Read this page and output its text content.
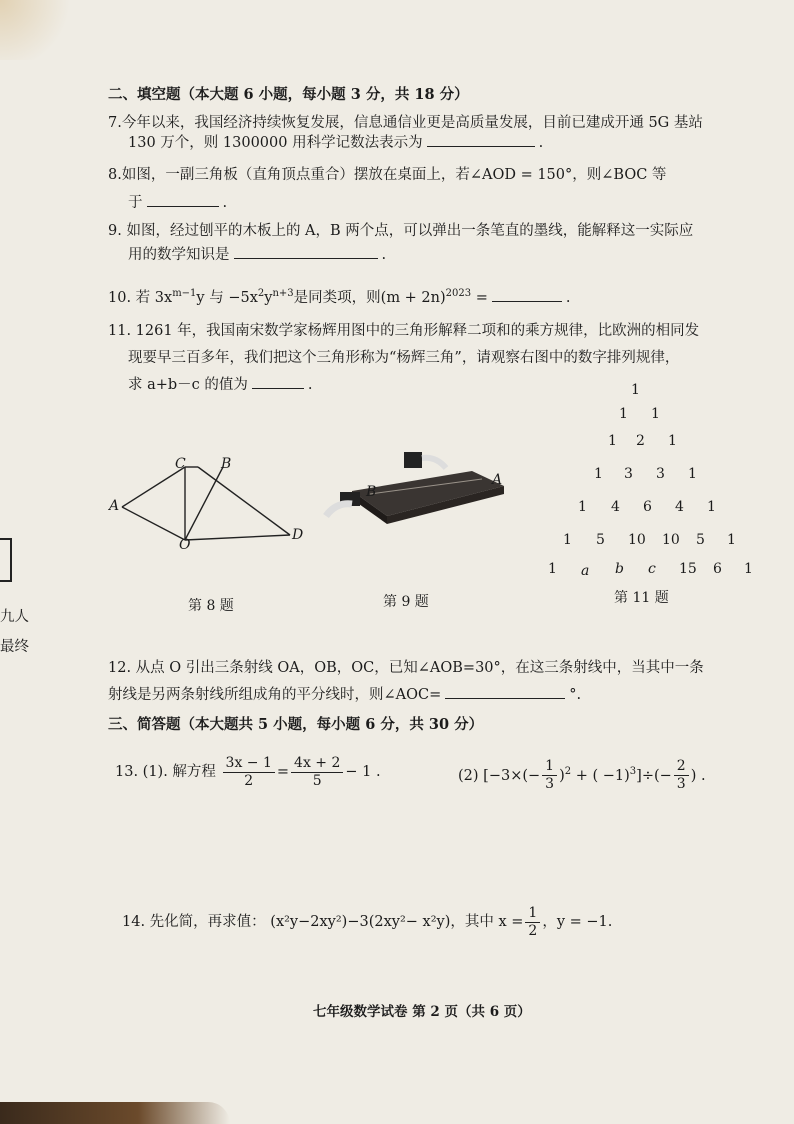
二、填空题（本大题 6 小题，每小题 3 分，共 18 分）
7.今年以来，我国经济持续恢复发展，信息通信业更是高质量发展，目前已建成开通 5G 基站
130 万个，则 1300000 用科学记数法表示为	.
8.如图，一副三角板（直角顶点重合）摆放在桌面上，若∠AOD = 150°，则∠BOC 等
于	.
9. 如图，经过刨平的木板上的 A，B 两个点，可以弹出一条笔直的墨线，能解释这一实际应
用的数学知识是	.
10. 若 $3x^{m-1}y$ 与 $-5x^2y^{n+3}$是同类项，则$(m + 2n)^{2023}$ =	.
11. 1261 年，我国南宋数学家杨辉用图中的三角形解释二项和的乘方规律，比欧洲的相同发
现要早三百多年，我们把这个三角形称为“杨辉三角”，请观察右图中的数字排列规律，
求 a+b－c 的值为	.	1
1 1
1 2 1
1 3 3 1
1 4 6 4 1
1 5 10 10 5 1
1 a b c 15 6 1
A
C	B
O
D
第 8 题
B
A
第 9 题	第 11 题
12. 从点 O 引出三条射线 OA，OB，OC，已知∠AOB=30°，在这三条射线中，当其中一条
射线是另两条射线所组成角的平分线时，则∠AOC=	°.
三、简答题（本大题共 5 小题，每小题 6 分，共 30 分）
13. (1). 解方程 $\frac{3x - 1}{2} = \frac{4x + 2}{5} - 1$ .	(2) [$-3\times(- \frac{1}{3} )^2$ + ( $-1)^3]\div(- \frac{2}{3}$ ) .
14. 先化简，再求值： (x²y−2xy²)−3(2xy²− x²y)，其中 $x = \frac{1}{2}$ ，y = −1.
七年级数学试卷 第 2 页（共 6 页）
九人
最终
